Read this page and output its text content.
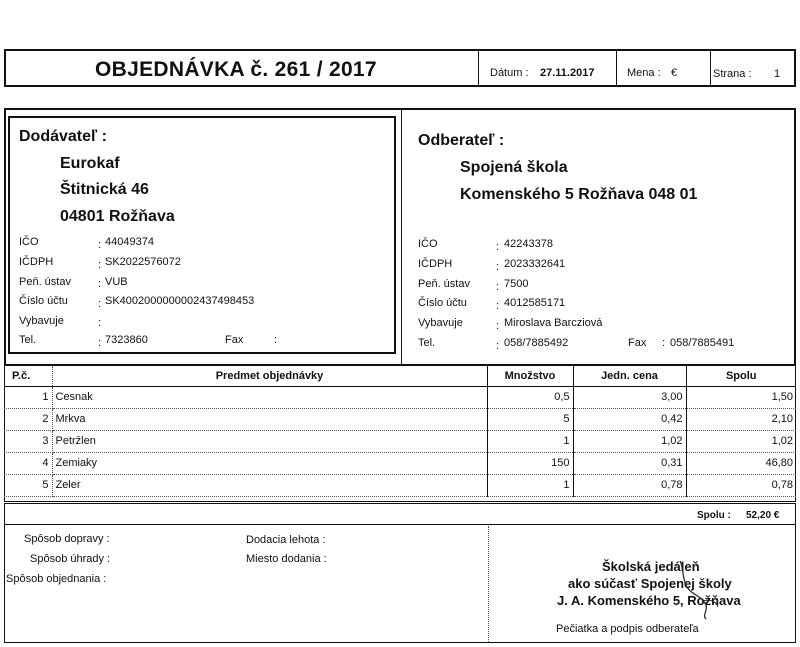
OBJEDNÁVKA č. 261 / 2017	Dátum : 27.11.2017	Mena : €	Strana : 1
Dodávateľ :
Eurokaf
Štitnická 46
04801 Rožňava
IČO	44049374
IČDPH	SK2022576072
Peň. ústav	VUB
Číslo účtu	SK4002000000002437498453
Vybavuje
Tel.	7323860	Fax
:
:
:
:
:
:	:
Odberateľ :
Spojená škola
Komenského 5 Rožňava 048 01
IČO	42243378
IČDPH	2023332641
Peň. ústav	7500
Číslo účtu	4012585171
Vybavuje	Miroslava Barcziová
Tel.	058/7885492	Fax 058/7885491
:
:
:
:
:
:	:
P.č.	Predmet objednávky	Množstvo	Jedn. cena	Spolu
1	Cesnak	0,5	3,00	1,50
2	Mrkva	5	0,42	2,10
3	Petržlen	1	1,02	1,02
4	Zemiaky	150	0,31	46,80
5	Zeler	1	0,78	0,78
Spolu : 52,20 €
Spôsob dopravy :
Spôsob úhrady :
Spôsob objednania :
Dodacia lehota :
Miesto dodania :	Školská jedáleň
ako súčasť Spojenej školy
J. A. Komenského 5, Rožňava
Pečiatka a podpis odberateľa
